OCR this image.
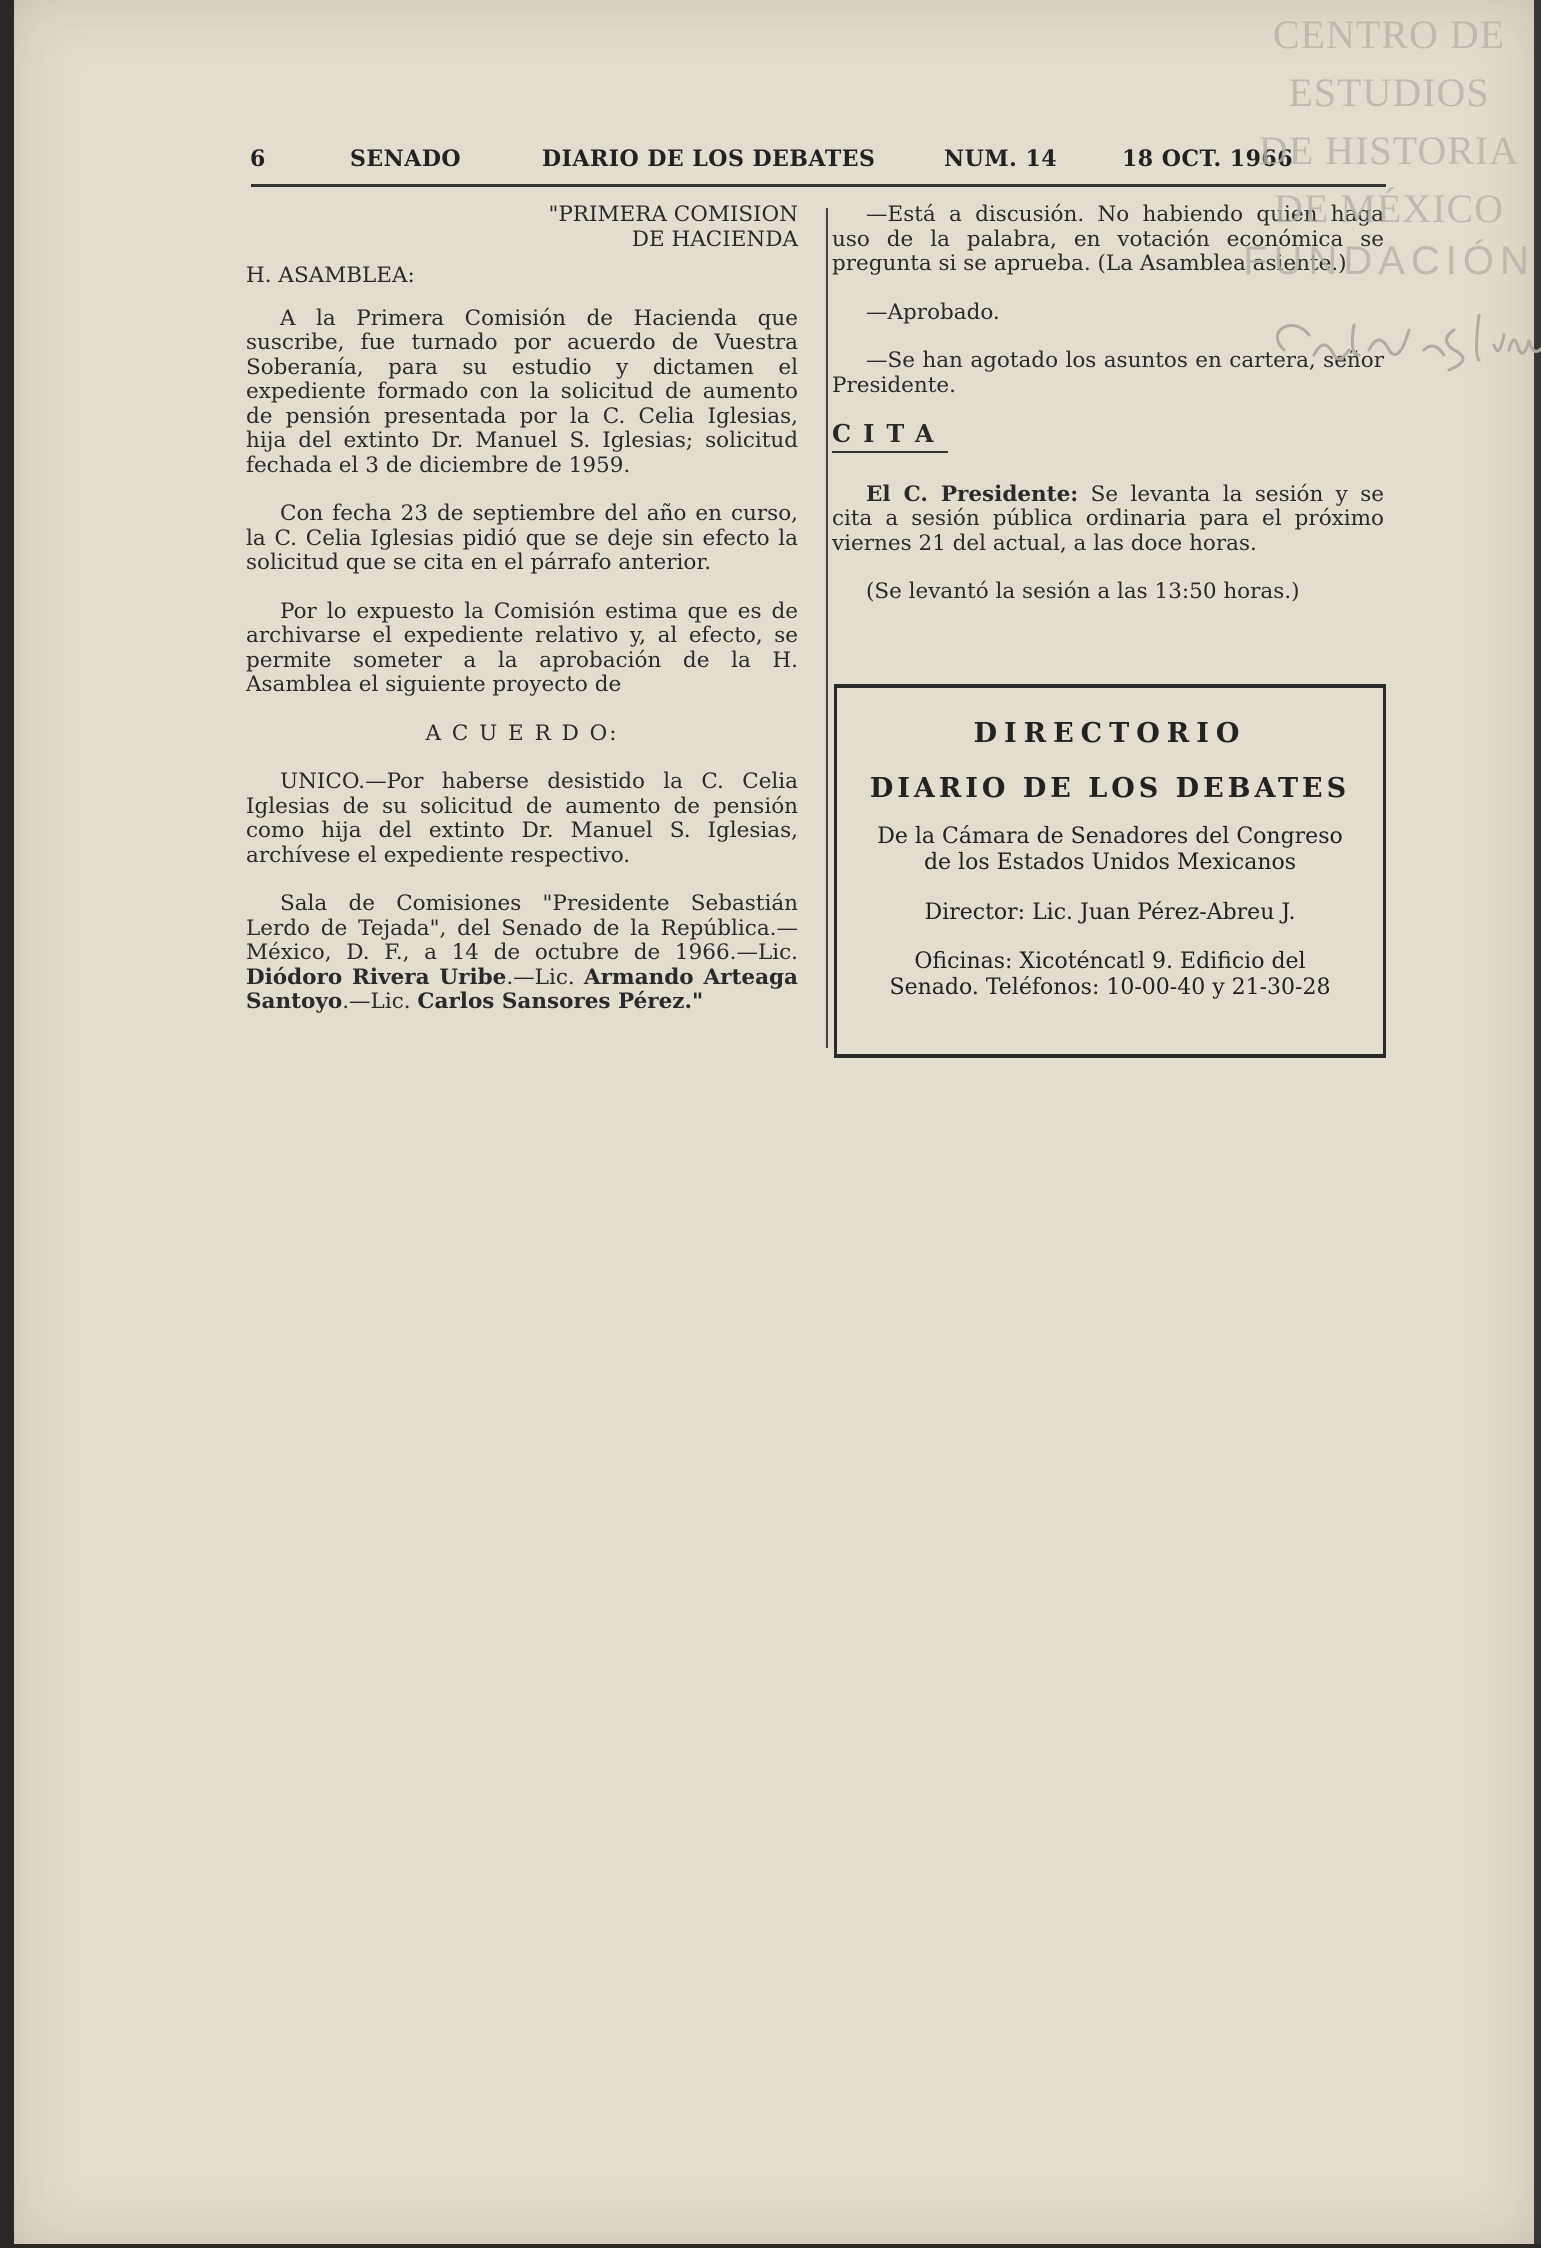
6	SENADO	DIARIO DE LOS DEBATES	NUM. 14	18 OCT. 1966
"PRIMERA COMISION
DE HACIENDA

H. ASAMBLEA:

A la Primera Comisión de Hacienda que suscribe, fue turnado por acuerdo de Vuestra Soberanía, para su estudio y dictamen el expediente formado con la solicitud de aumento de pensión presentada por la C. Celia Iglesias, hija del extinto Dr. Manuel S. Iglesias; solicitud fechada el 3 de diciembre de 1959.

Con fecha 23 de septiembre del año en curso, la C. Celia Iglesias pidió que se deje sin efecto la solicitud que se cita en el párrafo anterior.

Por lo expuesto la Comisión estima que es de archivarse el expediente relativo y, al efecto, se permite someter a la aprobación de la H. Asamblea el siguiente proyecto de

A C U E R D O:

UNICO.—Por haberse desistido la C. Celia Iglesias de su solicitud de aumento de pensión como hija del extinto Dr. Manuel S. Iglesias, archívese el expediente respectivo.

Sala de Comisiones "Presidente Sebastián Lerdo de Tejada", del Senado de la República.—México, D. F., a 14 de octubre de 1966.—Lic. Diódoro Rivera Uribe.—Lic. Armando Arteaga Santoyo.—Lic. Carlos Sansores Pérez."

—Está a discusión. No habiendo quien haga uso de la palabra, en votación económica se pregunta si se aprueba. (La Asamblea asiente.)

—Aprobado.

—Se han agotado los asuntos en cartera, señor Presidente.

CITA

El C. Presidente: Se levanta la sesión y se cita a sesión pública ordinaria para el próximo viernes 21 del actual, a las doce horas.

(Se levantó la sesión a las 13:50 horas.)

DIRECTORIO
DIARIO DE LOS DEBATES
De la Cámara de Senadores del Congreso
de los Estados Unidos Mexicanos
Director: Lic. Juan Pérez-Abreu J.
Oficinas: Xicoténcatl 9. Edificio del
Senado. Teléfonos: 10-00-40 y 21-30-28
CENTRO DE
ESTUDIOS
DE HISTORIA
DE MÉXICO
FUNDACIÓN
